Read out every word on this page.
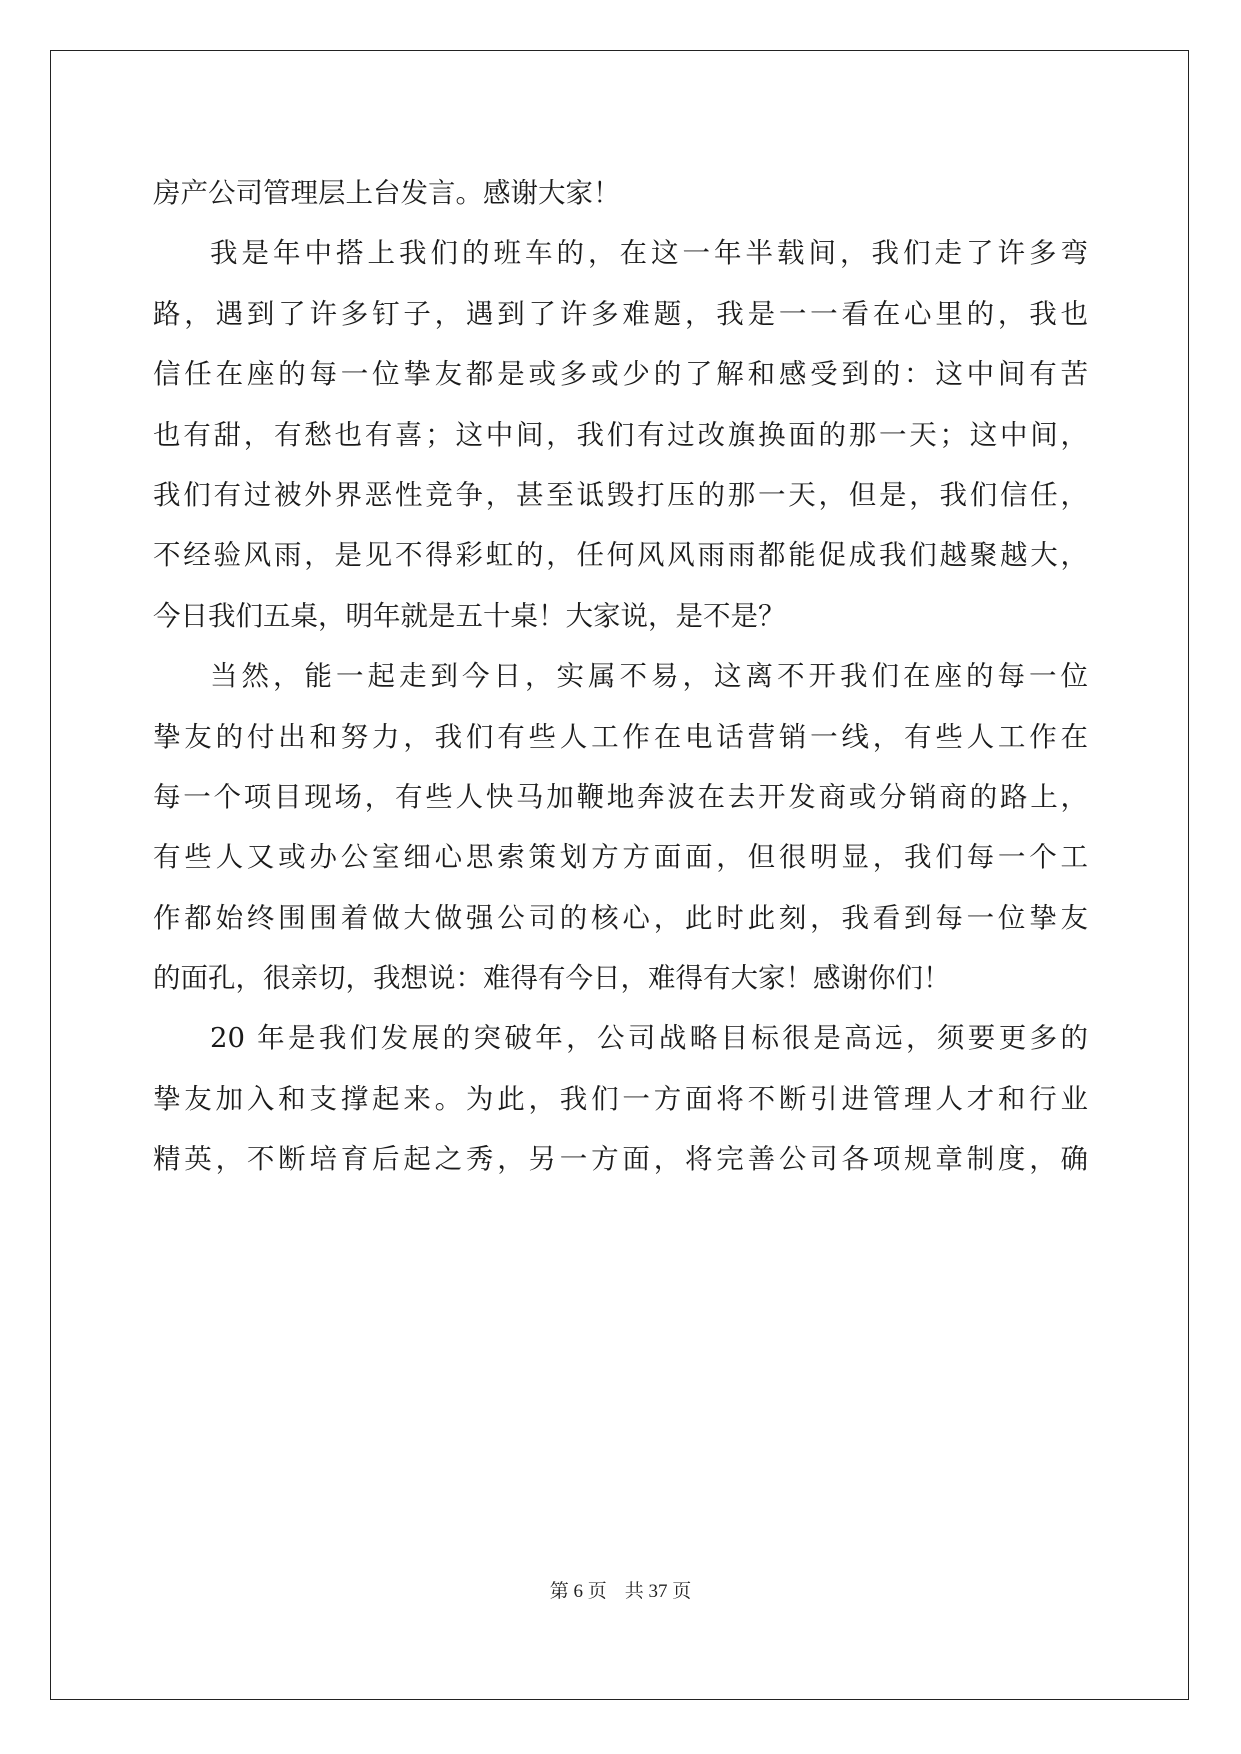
房产公司管理层上台发言。感谢大家！
我是年中搭上我们的班车的，在这一年半载间，我们走了许多弯
路，遇到了许多钉子，遇到了许多难题，我是一一看在心里的，我也
信任在座的每一位挚友都是或多或少的了解和感受到的：这中间有苦
也有甜，有愁也有喜；这中间，我们有过改旗换面的那一天；这中间，
我们有过被外界恶性竞争，甚至诋毁打压的那一天，但是，我们信任，
不经验风雨，是见不得彩虹的，任何风风雨雨都能促成我们越聚越大，
今日我们五桌，明年就是五十桌！大家说，是不是？
当然，能一起走到今日，实属不易，这离不开我们在座的每一位
挚友的付出和努力，我们有些人工作在电话营销一线，有些人工作在
每一个项目现场，有些人快马加鞭地奔波在去开发商或分销商的路上，
有些人又或办公室细心思索策划方方面面，但很明显，我们每一个工
作都始终围围着做大做强公司的核心，此时此刻，我看到每一位挚友
的面孔，很亲切，我想说：难得有今日，难得有大家！感谢你们！
20 年是我们发展的突破年，公司战略目标很是高远，须要更多的
挚友加入和支撑起来。为此，我们一方面将不断引进管理人才和行业
精英，不断培育后起之秀，另一方面，将完善公司各项规章制度，确
第 6 页 共 37 页
